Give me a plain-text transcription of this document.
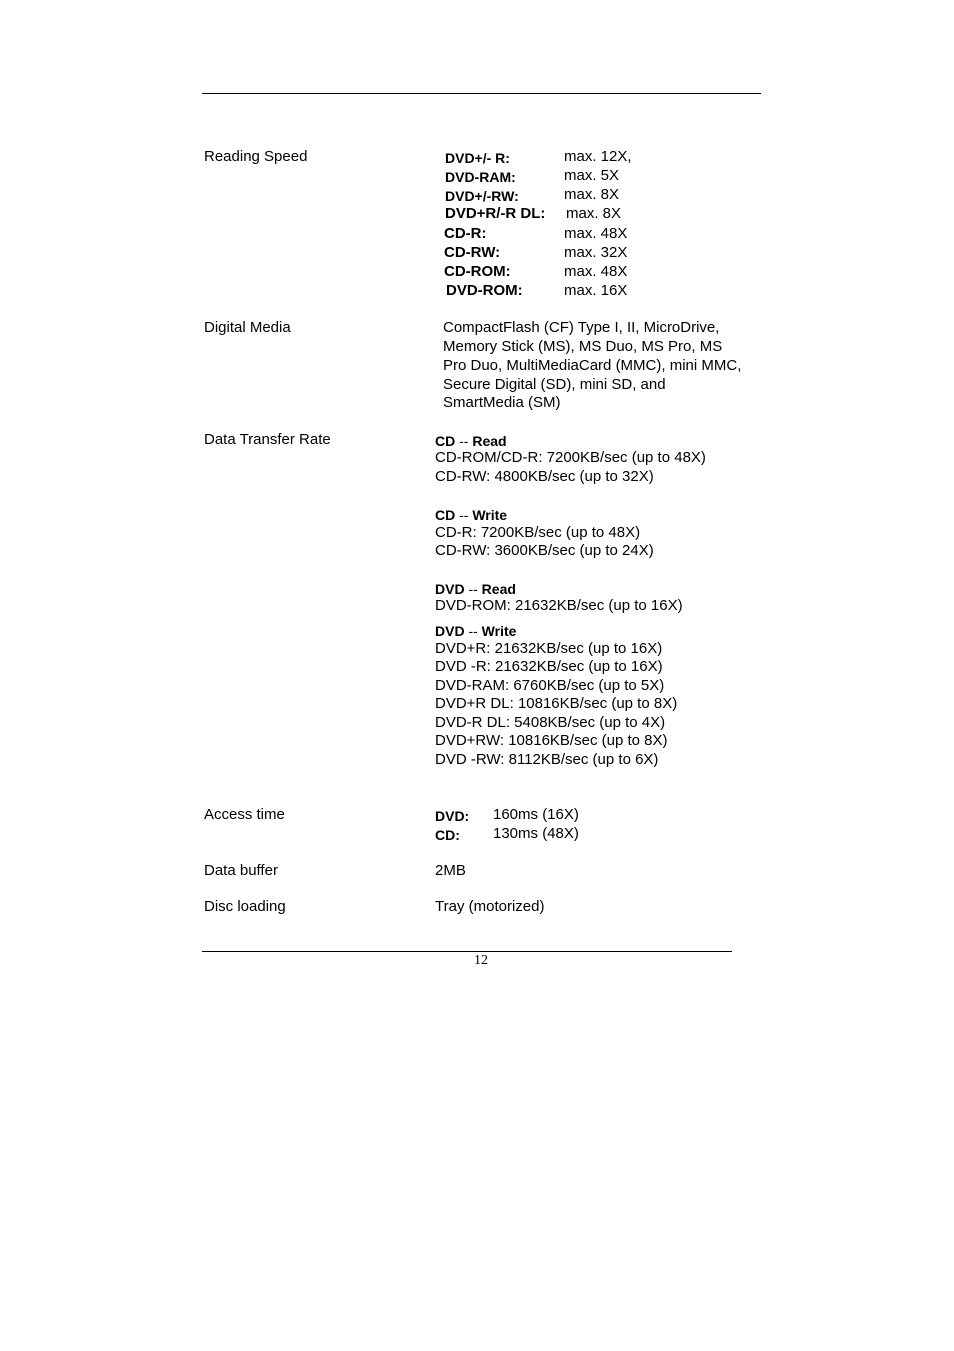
Reading Speed	DVD+/- R:	max. 12X,
DVD-RAM:	max. 5X
DVD+/-RW:	max. 8X
DVD+R/-R DL: max. 8X
CD-R:	max. 48X
CD-RW:	max. 32X
CD-ROM:	max. 48X
DVD-ROM:	max. 16X
Digital Media	CompactFlash (CF) Type I, II, MicroDrive,
Memory Stick (MS), MS Duo, MS Pro, MS
Pro Duo, MultiMediaCard (MMC), mini MMC,
Secure Digital (SD), mini SD, and
SmartMedia (SM)
Data Transfer Rate	CD -- Read
CD-ROM/CD-R: 7200KB/sec (up to 48X)
CD-RW: 4800KB/sec (up to 32X)
CD -- Write
CD-R: 7200KB/sec (up to 48X)
CD-RW: 3600KB/sec (up to 24X)
DVD -- Read
DVD-ROM: 21632KB/sec (up to 16X)
DVD -- Write
DVD+R: 21632KB/sec (up to 16X)
DVD -R: 21632KB/sec (up to 16X)
DVD-RAM: 6760KB/sec (up to 5X)
DVD+R DL: 10816KB/sec (up to 8X)
DVD-R DL: 5408KB/sec (up to 4X)
DVD+RW: 10816KB/sec (up to 8X)
DVD -RW: 8112KB/sec (up to 6X)
Access time	DVD: 160ms (16X)
CD: 130ms (48X)
Data buffer	2MB
Disc loading	Tray (motorized)
12
